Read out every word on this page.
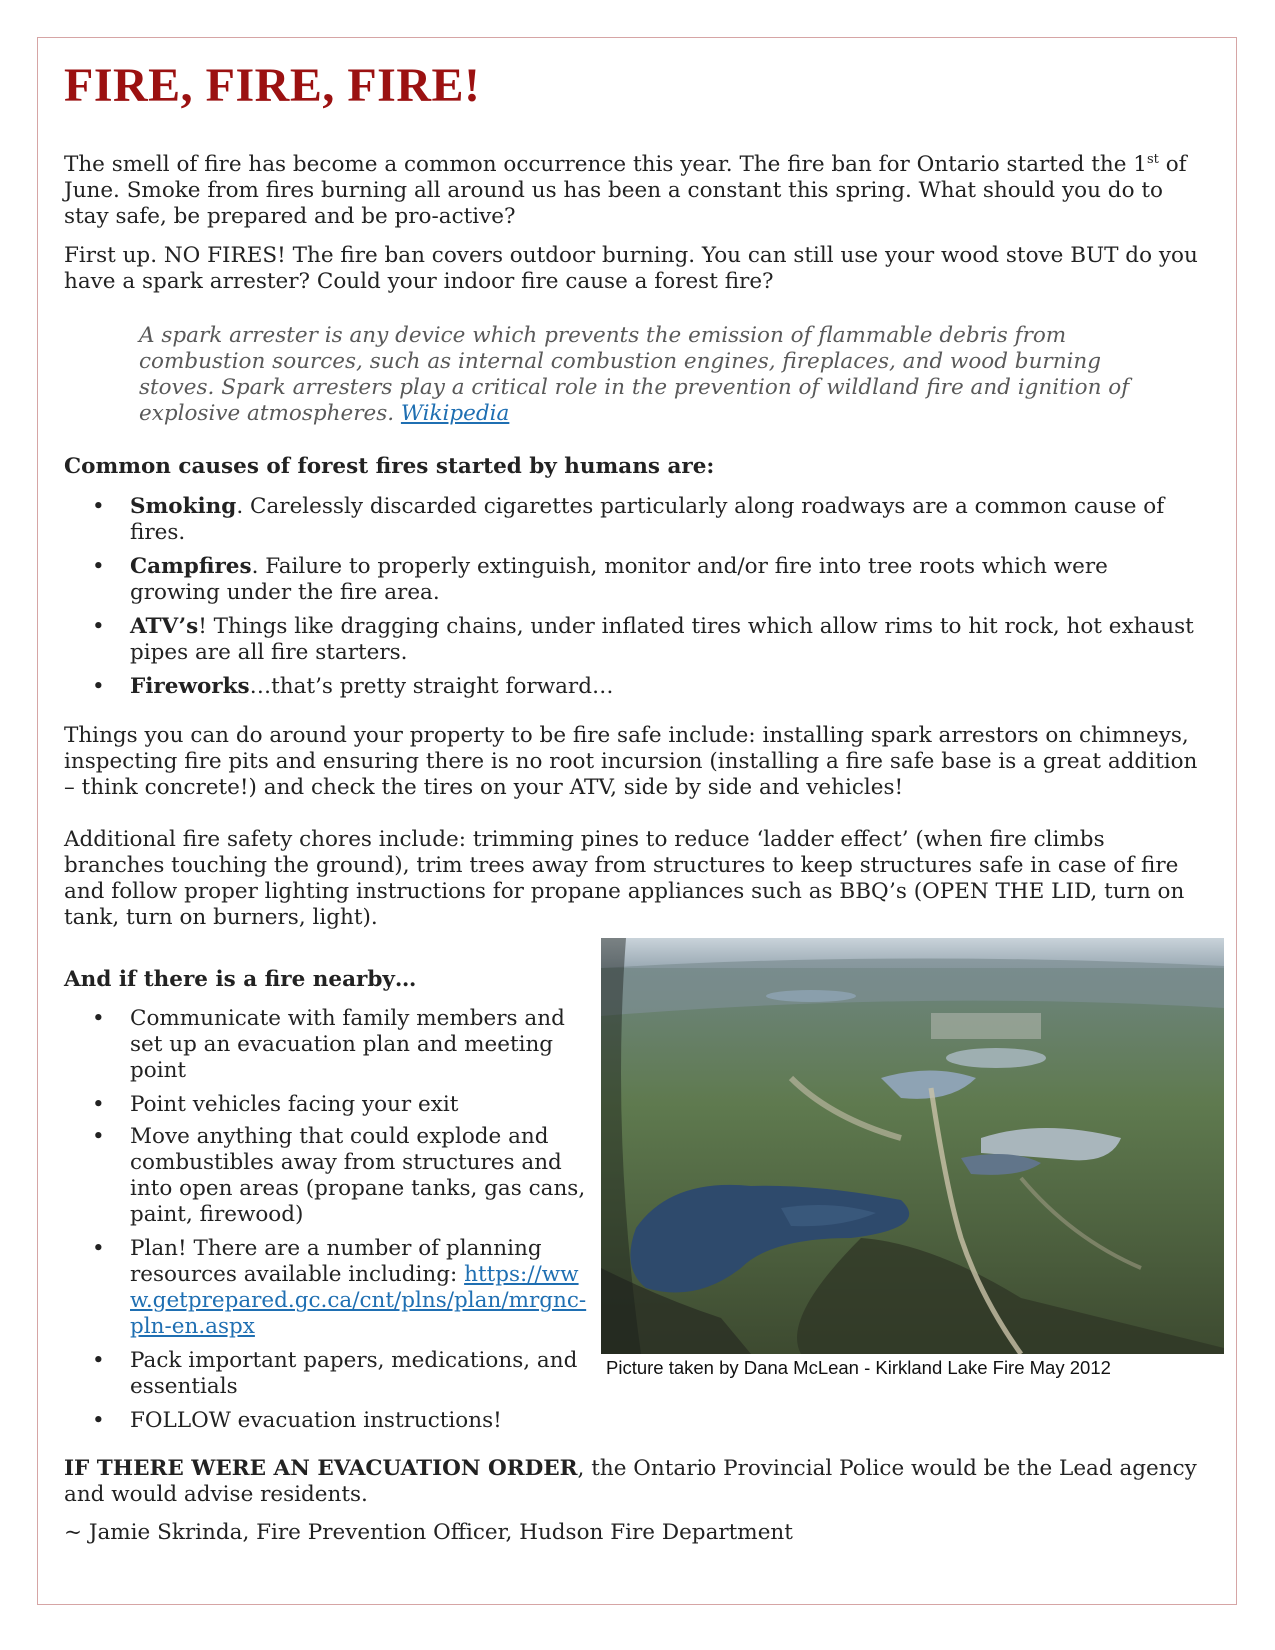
FIRE, FIRE, FIRE!

The smell of fire has become a common occurrence this year. The fire ban for Ontario started the 1st of June. Smoke from fires burning all around us has been a constant this spring. What should you do to stay safe, be prepared and be pro-active?

First up. NO FIRES! The fire ban covers outdoor burning. You can still use your wood stove BUT do you have a spark arrester? Could your indoor fire cause a forest fire?

A spark arrester is any device which prevents the emission of flammable debris from combustion sources, such as internal combustion engines, fireplaces, and wood burning stoves. Spark arresters play a critical role in the prevention of wildland fire and ignition of explosive atmospheres. Wikipedia

Common causes of forest fires started by humans are:

• Smoking. Carelessly discarded cigarettes particularly along roadways are a common cause of fires.
• Campfires. Failure to properly extinguish, monitor and/or fire into tree roots which were growing under the fire area.
• ATV’s! Things like dragging chains, under inflated tires which allow rims to hit rock, hot exhaust pipes are all fire starters.
• Fireworks…that’s pretty straight forward…

Things you can do around your property to be fire safe include: installing spark arrestors on chimneys, inspecting fire pits and ensuring there is no root incursion (installing a fire safe base is a great addition – think concrete!) and check the tires on your ATV, side by side and vehicles!

Additional fire safety chores include: trimming pines to reduce ‘ladder effect’ (when fire climbs branches touching the ground), trim trees away from structures to keep structures safe in case of fire and follow proper lighting instructions for propane appliances such as BBQ’s (OPEN THE LID, turn on tank, turn on burners, light).

And if there is a fire nearby…

• Communicate with family members and set up an evacuation plan and meeting point
• Point vehicles facing your exit
• Move anything that could explode and combustibles away from structures and into open areas (propane tanks, gas cans, paint, firewood)
• Plan! There are a number of planning resources available including: https://www.getprepared.gc.ca/cnt/plns/plan/mrgnc-pln-en.aspx
• Pack important papers, medications, and essentials
• FOLLOW evacuation instructions!

Picture taken by Dana McLean - Kirkland Lake Fire May 2012

IF THERE WERE AN EVACUATION ORDER, the Ontario Provincial Police would be the Lead agency and would advise residents.

~ Jamie Skrinda, Fire Prevention Officer, Hudson Fire Department
